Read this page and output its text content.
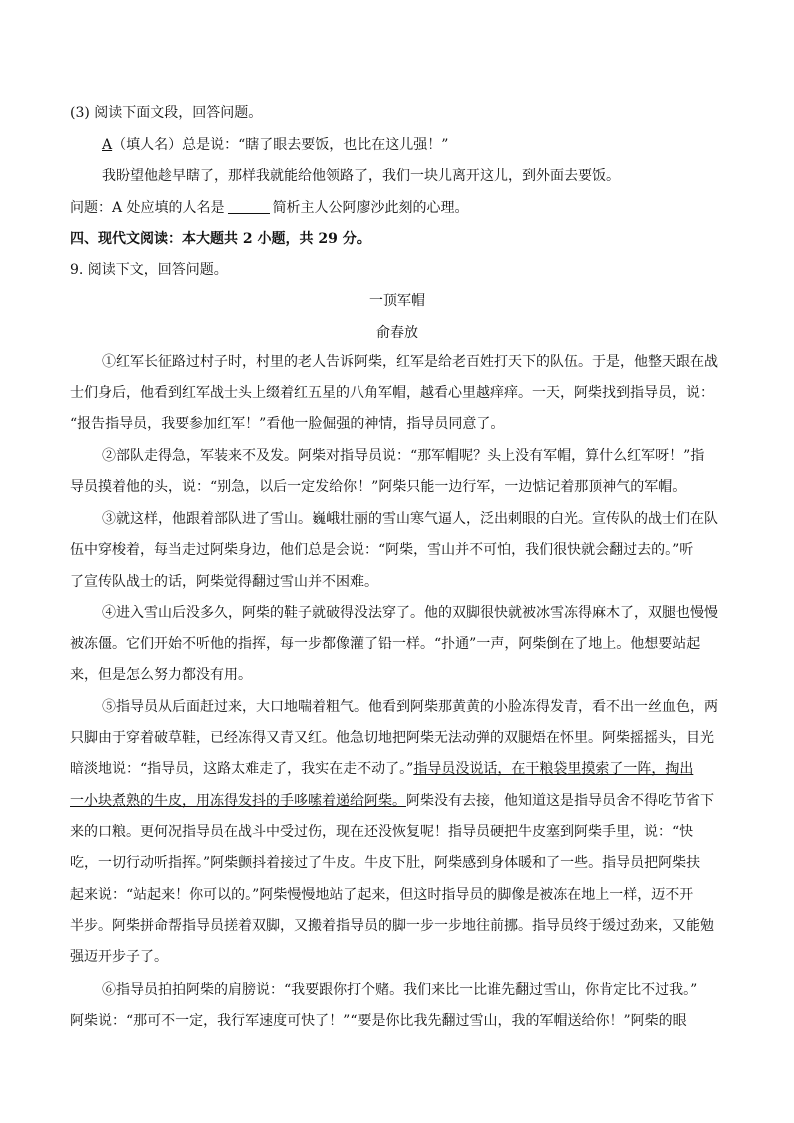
(3) 阅读下面文段，回答问题。
A（填人名）总是说：“瞎了眼去要饭，也比在这儿强！”
我盼望他趁早瞎了，那样我就能给他领路了，我们一块儿离开这儿，到外面去要饭。
问题：A 处应填的人名是	简析主人公阿廖沙此刻的心理。
四、现代文阅读：本大题共 2 小题，共 29 分。
9. 阅读下文，回答问题。
一顶军帽
俞春放
①红军长征路过村子时，村里的老人告诉阿柴，红军是给老百姓打天下的队伍。于是，他整天跟在战
士们身后，他看到红军战士头上缀着红五星的八角军帽，越看心里越痒痒。一天，阿柴找到指导员，说：
“报告指导员，我要参加红军！”看他一脸倔强的神情，指导员同意了。
②部队走得急，军装来不及发。阿柴对指导员说：“那军帽呢？头上没有军帽，算什么红军呀！”指
导员摸着他的头，说：“别急，以后一定发给你！”阿柴只能一边行军，一边惦记着那顶神气的军帽。
③就这样，他跟着部队进了雪山。巍峨壮丽的雪山寒气逼人，泛出刺眼的白光。宣传队的战士们在队
伍中穿梭着，每当走过阿柴身边，他们总是会说：“阿柴，雪山并不可怕，我们很快就会翻过去的。”听
了宣传队战士的话，阿柴觉得翻过雪山并不困难。
④进入雪山后没多久，阿柴的鞋子就破得没法穿了。他的双脚很快就被冰雪冻得麻木了，双腿也慢慢
被冻僵。它们开始不听他的指挥，每一步都像灌了铅一样。“扑通”一声，阿柴倒在了地上。他想要站起
来，但是怎么努力都没有用。
⑤指导员从后面赶过来，大口地喘着粗气。他看到阿柴那黄黄的小脸冻得发青，看不出一丝血色，两
只脚由于穿着破草鞋，已经冻得又青又红。他急切地把阿柴无法动弹的双腿焐在怀里。阿柴摇摇头，目光
暗淡地说：“指导员，这路太难走了，我实在走不动了。”指导员没说话，在干粮袋里摸索了一阵，掏出
一小块煮熟的牛皮，用冻得发抖的手哆嗦着递给阿柴。阿柴没有去接，他知道这是指导员舍不得吃节省下
来的口粮。更何况指导员在战斗中受过伤，现在还没恢复呢！指导员硬把牛皮塞到阿柴手里，说：“快
吃，一切行动听指挥。”阿柴颤抖着接过了牛皮。牛皮下肚，阿柴感到身体暖和了一些。指导员把阿柴扶
起来说：“站起来！你可以的。”阿柴慢慢地站了起来，但这时指导员的脚像是被冻在地上一样，迈不开
半步。阿柴拼命帮指导员搓着双脚，又搬着指导员的脚一步一步地往前挪。指导员终于缓过劲来，又能勉
强迈开步子了。
⑥指导员拍拍阿柴的肩膀说：“我要跟你打个赌。我们来比一比谁先翻过雪山，你肯定比不过我。”
阿柴说：“那可不一定，我行军速度可快了！”“要是你比我先翻过雪山，我的军帽送给你！”阿柴的眼
